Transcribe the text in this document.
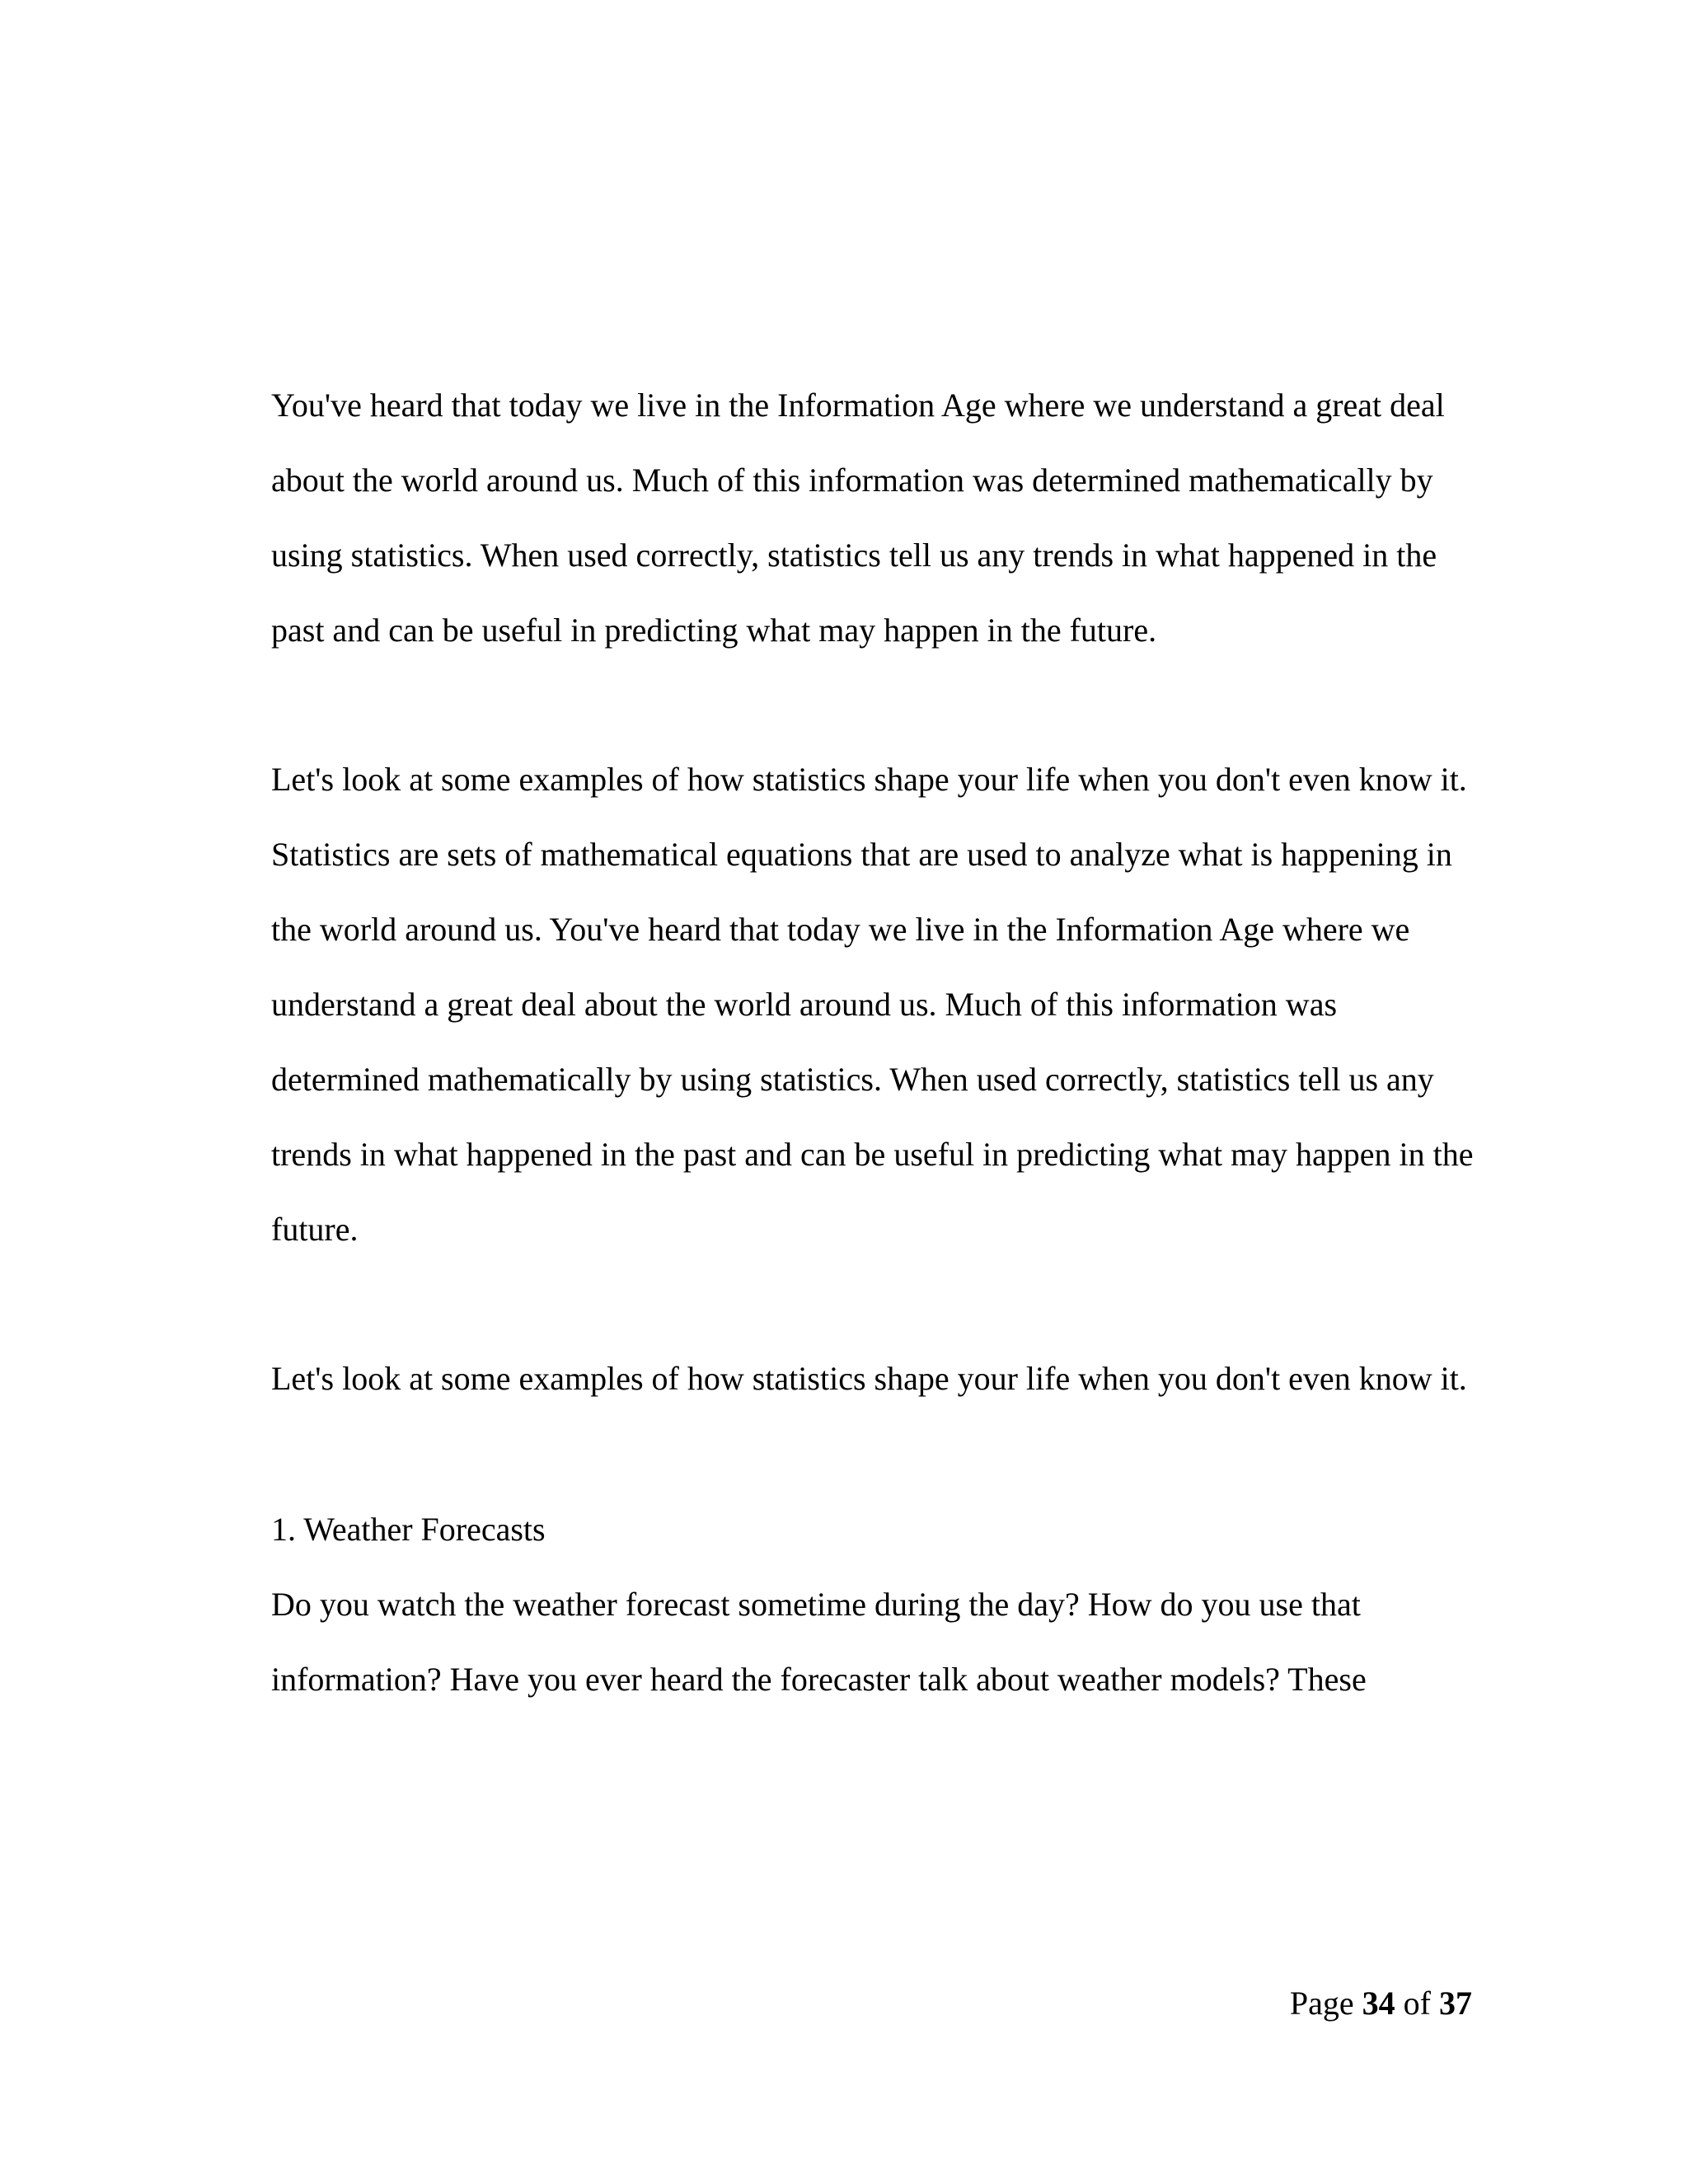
You've heard that today we live in the Information Age where we understand a great deal

about the world around us. Much of this information was determined mathematically by

using statistics. When used correctly, statistics tell us any trends in what happened in the

past and can be useful in predicting what may happen in the future.

Let's look at some examples of how statistics shape your life when you don't even know it.

Statistics are sets of mathematical equations that are used to analyze what is happening in

the world around us. You've heard that today we live in the Information Age where we

understand a great deal about the world around us. Much of this information was

determined mathematically by using statistics. When used correctly, statistics tell us any

trends in what happened in the past and can be useful in predicting what may happen in the

future.

Let's look at some examples of how statistics shape your life when you don't even know it.

1. Weather Forecasts

Do you watch the weather forecast sometime during the day? How do you use that

information? Have you ever heard the forecaster talk about weather models? These

Page 34 of 37
